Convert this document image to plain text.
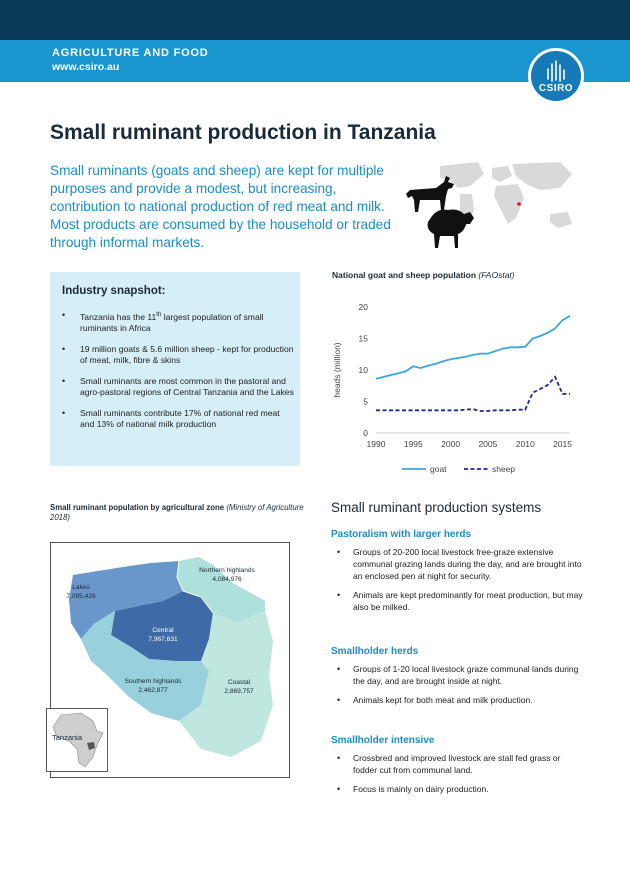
AGRICULTURE AND FOOD
www.csiro.au
CSIRO
Small ruminant production in Tanzania
Small ruminants (goats and sheep) are kept for multiple purposes and provide a modest, but increasing, contribution to national production of red meat and milk. Most products are consumed by the household or traded through informal markets.
Industry snapshot:
• Tanzania has the 11th largest population of small ruminants in Africa
• 19 million goats & 5.6 million sheep - kept for production of meat, milk, fibre & skins
• Small ruminants are most common in the pastoral and agro-pastoral regions of Central Tanzania and the Lakes
• Small ruminants contribute 17% of national red meat and 13% of national milk production
National goat and sheep population (FAOstat)
0
5
10
15
20
1990 1995 2000 2005 2010 2015
heads (million)
goat	sheep
Small ruminant population by agricultural zone (Ministry of Agriculture 2018)
Lakes
7,095,426
Northern highlands
4,084,976
Central
7,967,631
Southern highlands
2,462,877
Coastal
2,869,757
Tanzania
Small ruminant production systems
Pastoralism with larger herds
• Groups of 20-200 local livestock free-graze extensive communal grazing lands during the day, and are brought into an enclosed pen at night for security.
• Animals are kept predominantly for meat production, but may also be milked.
Smallholder herds
• Groups of 1-20 local livestock graze communal lands during the day, and are brought inside at night.
• Animals kept for both meat and milk production.
Smallholder intensive
• Crossbred and improved livestock are stall fed grass or fodder cut from communal land.
• Focus is mainly on dairy production.
